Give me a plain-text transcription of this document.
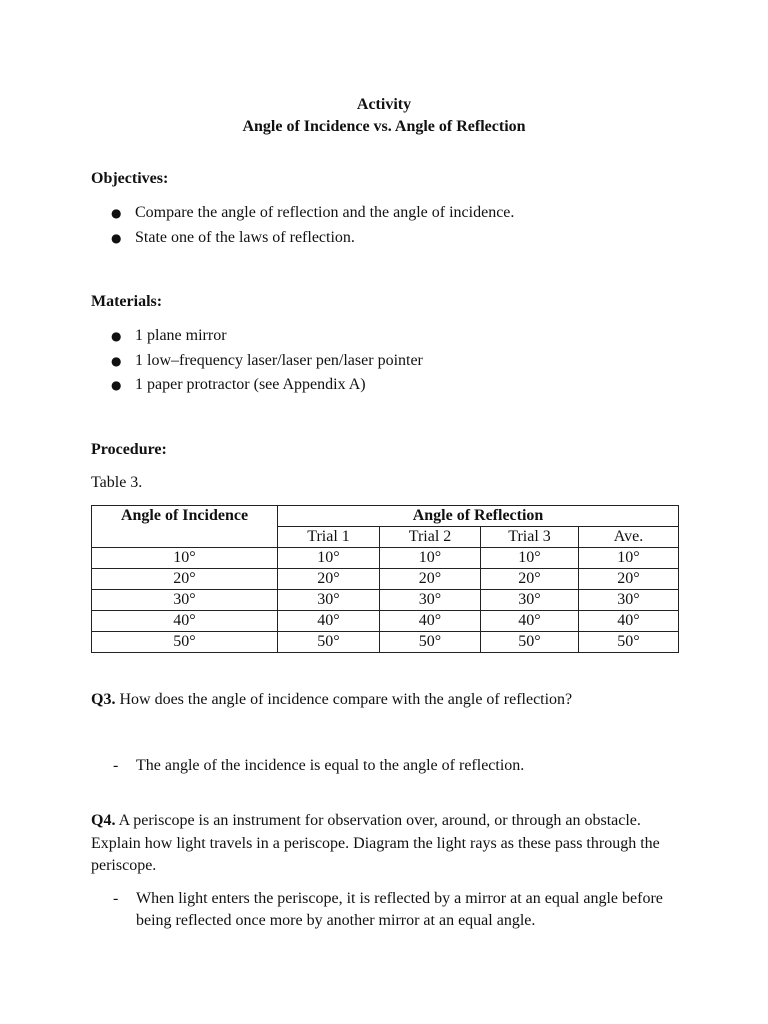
Activity
Angle of Incidence vs. Angle of Reflection
Objectives:
● Compare the angle of reflection and the angle of incidence.
● State one of the laws of reflection.
Materials:
● 1 plane mirror
● 1 low–frequency laser/laser pen/laser pointer
● 1 paper protractor (see Appendix A)
Procedure:
Table 3.
Angle of Incidence	Angle of Reflection			
	Trial 1	Trial 2	Trial 3	Ave.
10°	10°	10°	10°	10°
20°	20°	20°	20°	20°
30°	30°	30°	30°	30°
40°	40°	40°	40°	40°
50°	50°	50°	50°	50°
Q3. How does the angle of incidence compare with the angle of reflection?
-	The angle of the incidence is equal to the angle of reflection.
Q4. A periscope is an instrument for observation over, around, or through an obstacle. Explain how light travels in a periscope. Diagram the light rays as these pass through the periscope.
-	When light enters the periscope, it is reflected by a mirror at an equal angle before being reflected once more by another mirror at an equal angle.
